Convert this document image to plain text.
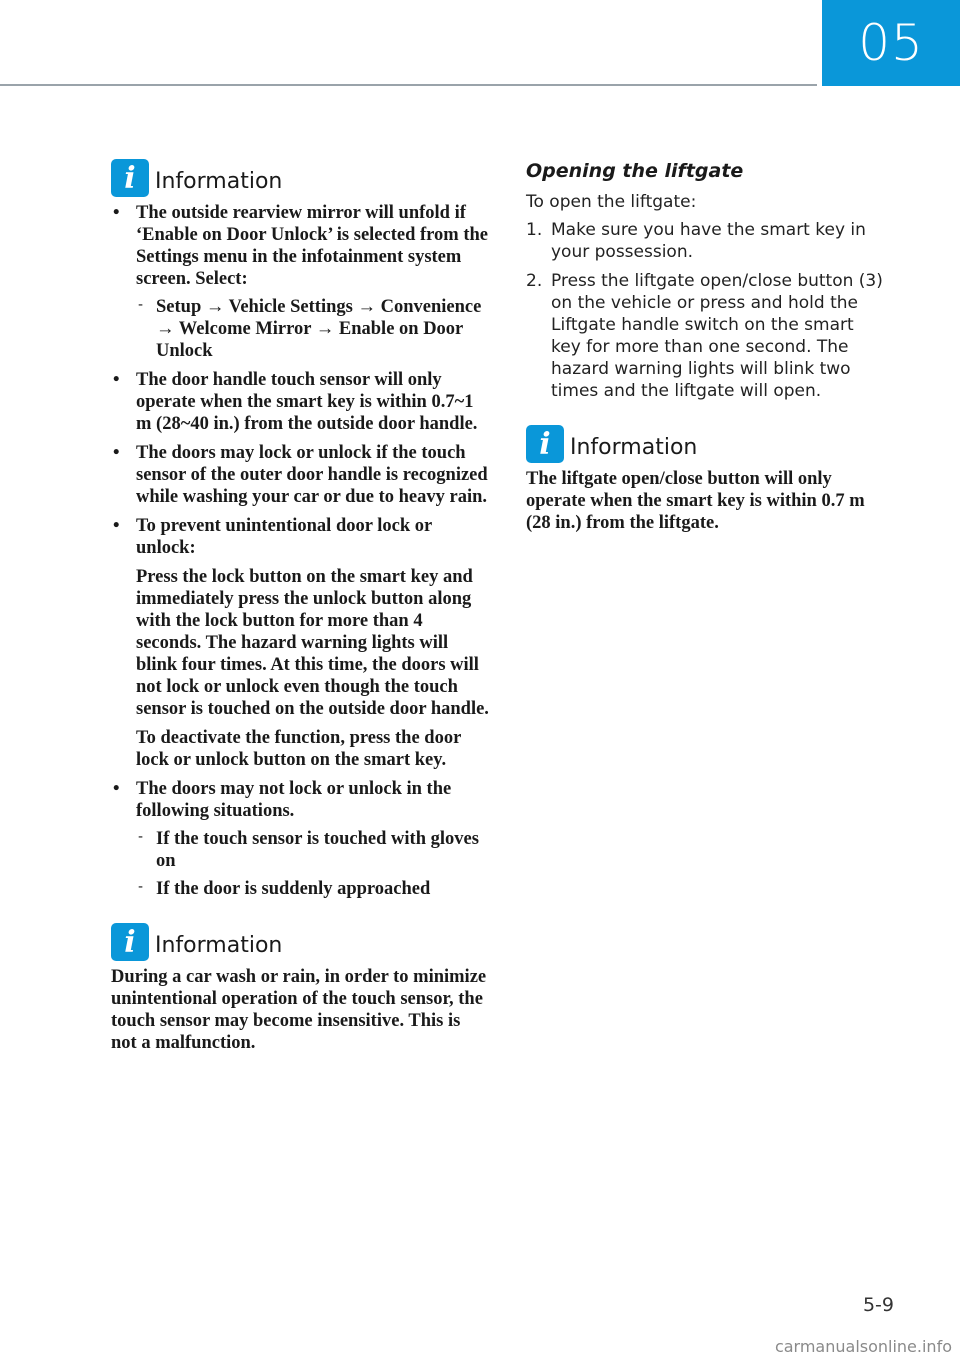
05
i Information
• The outside rearview mirror will unfold if ‘Enable on Door Unlock’ is selected from the Settings menu in the infotainment system screen. Select:
- Setup → Vehicle Settings → Convenience → Welcome Mirror → Enable on Door Unlock
• The door handle touch sensor will only operate when the smart key is within 0.7~1 m (28~40 in.) from the outside door handle.
• The doors may lock or unlock if the touch sensor of the outer door handle is recognized while washing your car or due to heavy rain.
• To prevent unintentional door lock or unlock:
Press the lock button on the smart key and immediately press the unlock button along with the lock button for more than 4 seconds. The hazard warning lights will blink four times. At this time, the doors will not lock or unlock even though the touch sensor is touched on the outside door handle.
To deactivate the function, press the door lock or unlock button on the smart key.
• The doors may not lock or unlock in the following situations.
- If the touch sensor is touched with gloves on
- If the door is suddenly approached
i Information
During a car wash or rain, in order to minimize unintentional operation of the touch sensor, the touch sensor may become insensitive. This is not a malfunction.
Opening the liftgate
To open the liftgate:
1. Make sure you have the smart key in your possession.
2. Press the liftgate open/close button (3) on the vehicle or press and hold the Liftgate handle switch on the smart key for more than one second. The hazard warning lights will blink two times and the liftgate will open.
i Information
The liftgate open/close button will only operate when the smart key is within 0.7 m (28 in.) from the liftgate.
5-9
carmanualsonline.info
